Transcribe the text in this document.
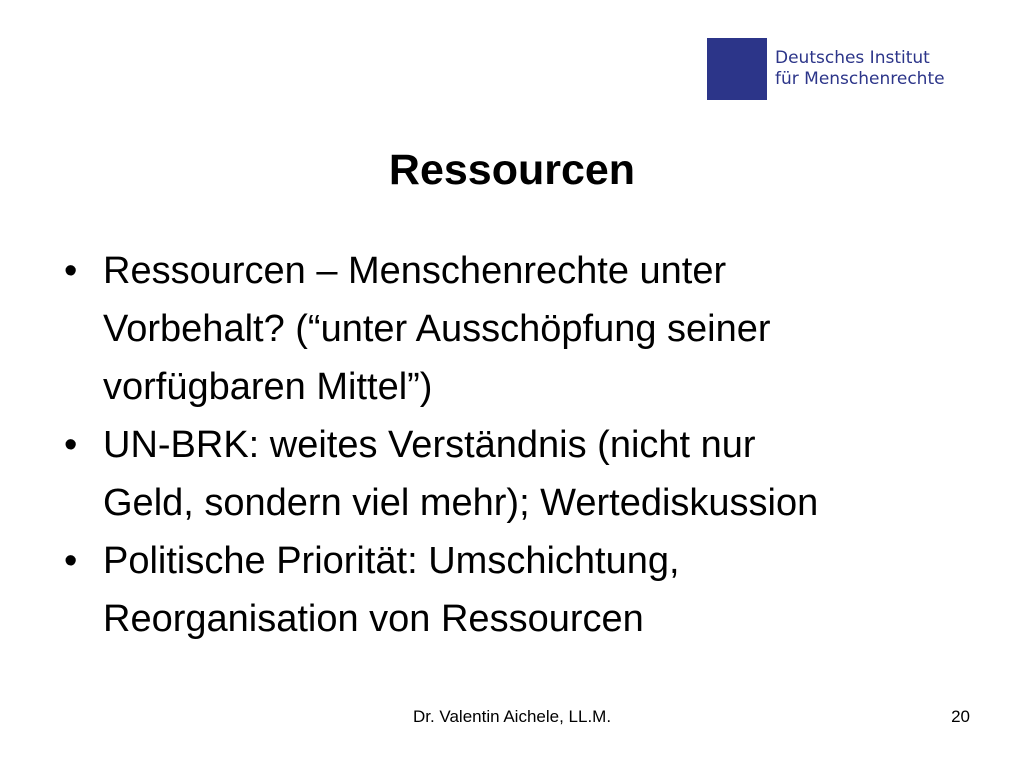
Deutsches Institut
für Menschenrechte
Ressourcen
• Ressourcen – Menschenrechte unter
Vorbehalt? (“unter Ausschöpfung seiner
vorfügbaren Mittel”)
• UN-BRK: weites Verständnis (nicht nur
Geld, sondern viel mehr); Wertediskussion
• Politische Priorität: Umschichtung,
Reorganisation von Ressourcen
Dr. Valentin Aichele, LL.M.	20
